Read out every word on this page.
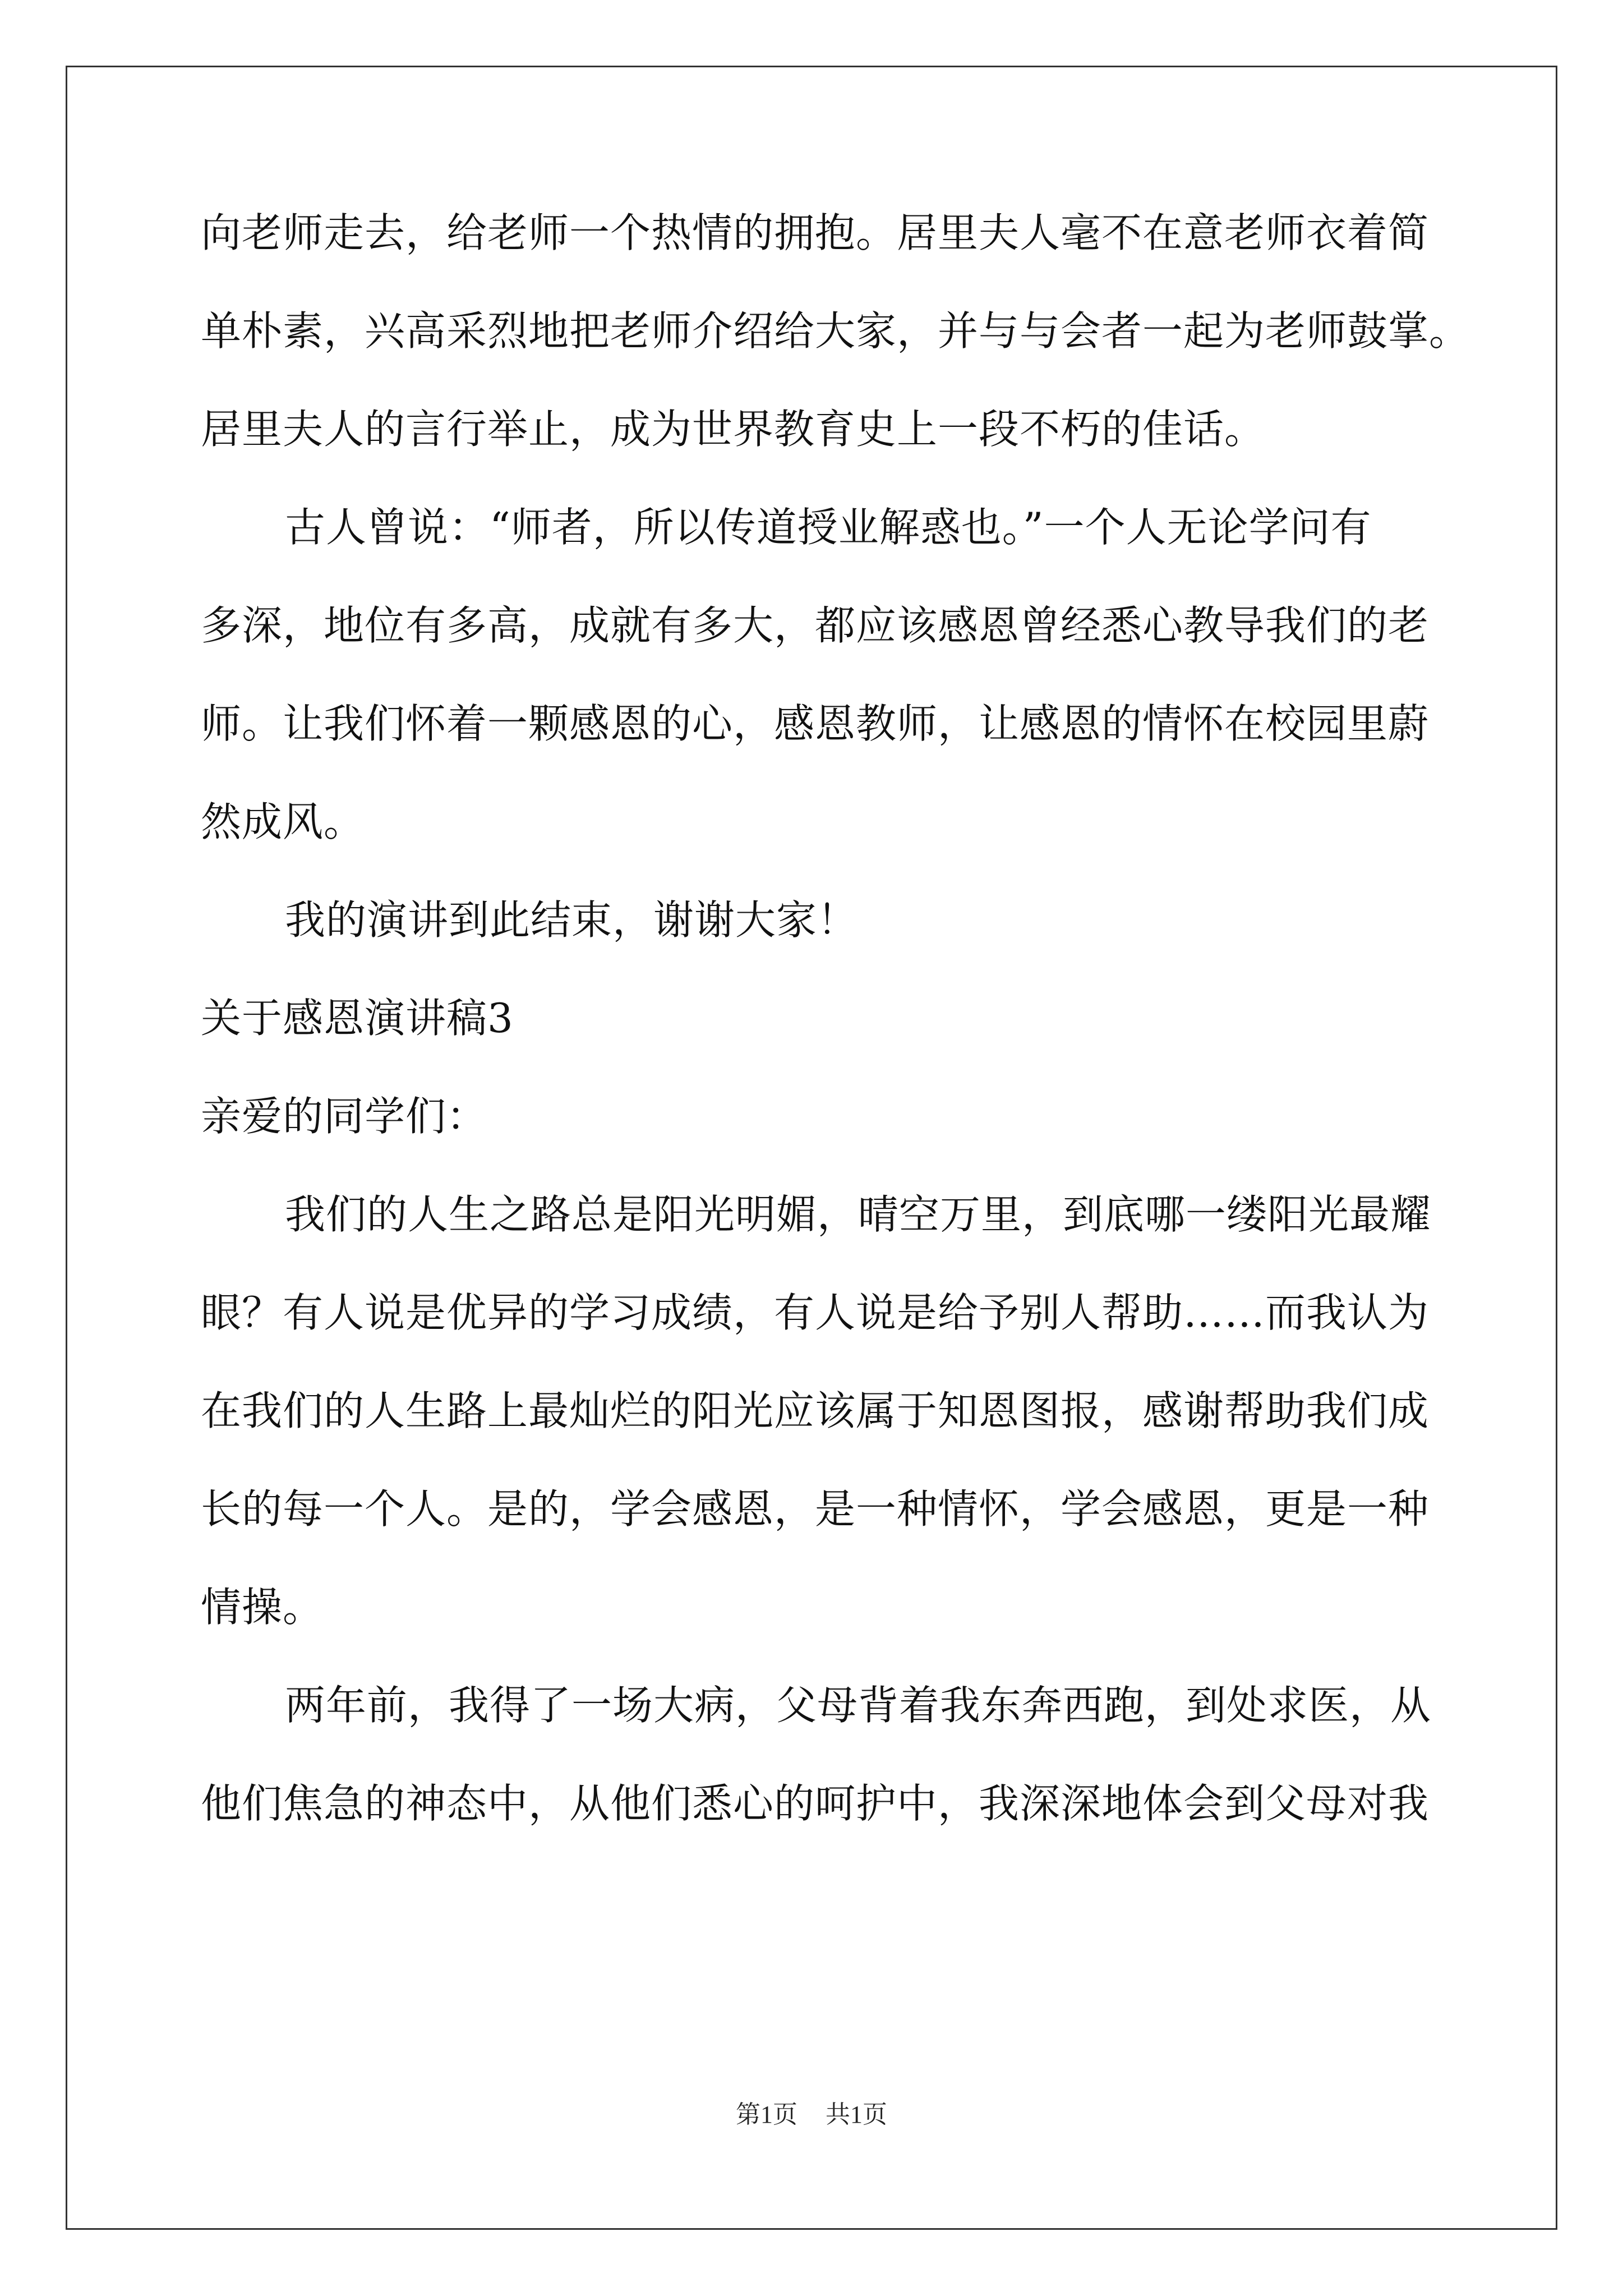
向老师走去，给老师一个热情的拥抱。居里夫人毫不在意老师衣着简
单朴素，兴高采烈地把老师介绍给大家，并与与会者一起为老师鼓掌。
居里夫人的言行举止，成为世界教育史上一段不朽的佳话。
古人曾说：“师者，所以传道授业解惑也。”一个人无论学问有
多深，地位有多高，成就有多大，都应该感恩曾经悉心教导我们的老
师。让我们怀着一颗感恩的心，感恩教师，让感恩的情怀在校园里蔚
然成风。
我的演讲到此结束，谢谢大家！
关于感恩演讲稿3
亲爱的同学们：
我们的人生之路总是阳光明媚，晴空万里，到底哪一缕阳光最耀
眼？有人说是优异的学习成绩，有人说是给予别人帮助……而我认为
在我们的人生路上最灿烂的阳光应该属于知恩图报，感谢帮助我们成
长的每一个人。是的，学会感恩，是一种情怀，学会感恩，更是一种
情操。
两年前，我得了一场大病，父母背着我东奔西跑，到处求医，从
他们焦急的神态中，从他们悉心的呵护中，我深深地体会到父母对我
第1页 共1页
